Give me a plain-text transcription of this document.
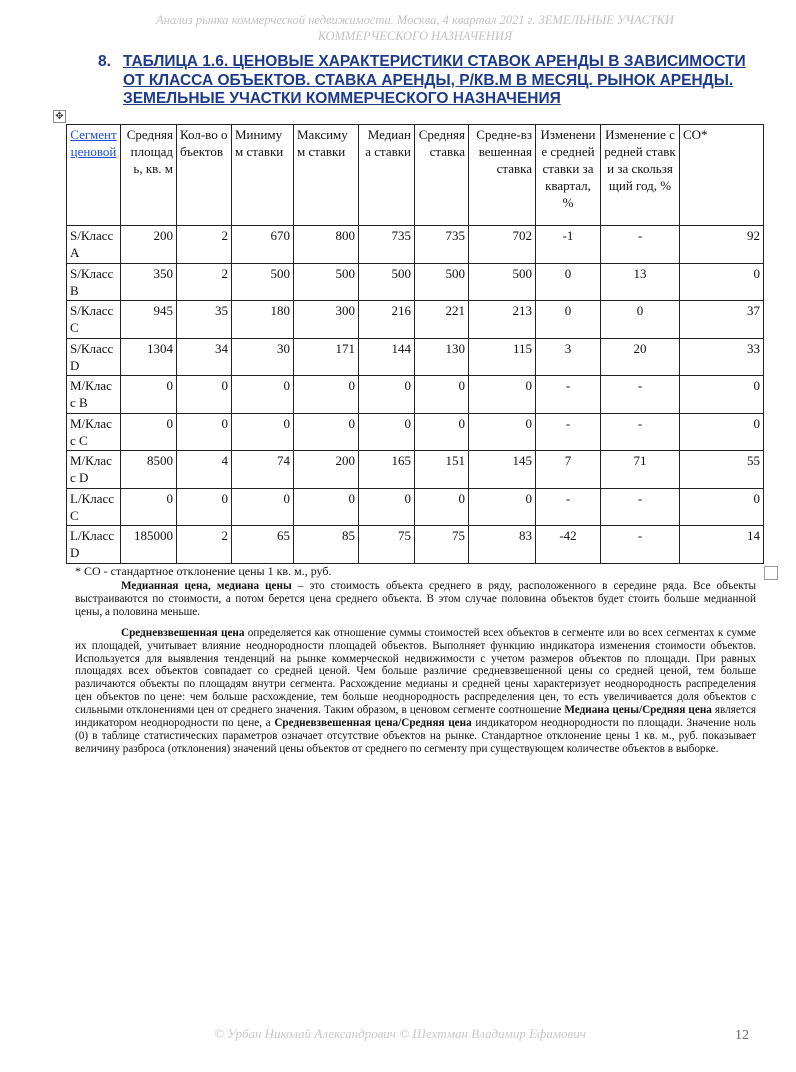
Анализ рынка коммерческой недвижимости. Москва, 4 квартал 2021 г. ЗЕМЕЛЬНЫЕ УЧАСТКИ
КОММЕРЧЕСКОГО НАЗНАЧЕНИЯ
8. ТАБЛИЦА 1.6. ЦЕНОВЫЕ ХАРАКТЕРИСТИКИ СТАВОК АРЕНДЫ В ЗАВИСИМОСТИ ОТ КЛАССА ОБЪЕКТОВ. СТАВКА АРЕНДЫ, Р/КВ.М В МЕСЯЦ. РЫНОК АРЕНДЫ. ЗЕМЕЛЬНЫЕ УЧАСТКИ КОММЕРЧЕСКОГО НАЗНАЧЕНИЯ
✥
Сегмент ценовой	Средняя площадь, кв. м	Кол-во объектов	Минимум ставки	Максимум ставки	Медиана ставки	Средняя ставка	Средне-взвешенная ставка	Изменение средней ставки за квартал, %	Изменение средней ставки за скользящий год, %	СО*
S/Класс A	200	2	670	800	735	735	702	-1	-	92
S/Класс B	350	2	500	500	500	500	500	0	13	0
S/Класс C	945	35	180	300	216	221	213	0	0	37
S/Класс D	1304	34	30	171	144	130	115	3	20	33
M/Класс B	0	0	0	0	0	0	0	-	-	0
M/Класс C	0	0	0	0	0	0	0	-	-	0
M/Класс D	8500	4	74	200	165	151	145	7	71	55
L/Класс C	0	0	0	0	0	0	0	-	-	0
L/Класс D	185000	2	65	85	75	75	83	-42	-	14
* СО - стандартное отклонение цены 1 кв. м., руб.

Медианная цена, медиана цены – это стоимость объекта среднего в ряду, расположенного в середине ряда. Все объекты выстраиваются по стоимости, а потом берется цена среднего объекта. В этом случае половина объектов будет стоить больше медианной цены, а половина меньше.

Средневзвешенная цена определяется как отношение суммы стоимостей всех объектов в сегменте или во всех сегментах к сумме их площадей, учитывает влияние неоднородности площадей объектов. Выполняет функцию индикатора изменения стоимости объектов. Используется для выявления тенденций на рынке коммерческой недвижимости с учетом размеров объектов по площади. При равных площадях всех объектов совпадает со средней ценой. Чем больше различие средневзвешенной цены со средней ценой, тем больше различаются объекты по площадям внутри сегмента. Расхождение медианы и средней цены характеризует неоднородность распределения цен объектов по цене: чем больше расхождение, тем больше неоднородность распределения цен, то есть увеличивается доля объектов с сильными отклонениями цен от среднего значения. Таким образом, в ценовом сегменте соотношение Медиана цены/Средняя цена является индикатором неоднородности по цене, а Средневзвешенная цена/Средняя цена индикатором неоднородности по площади. Значение ноль (0) в таблице статистических параметров означает отсутствие объектов на рынке. Стандартное отклонение цены 1 кв. м., руб. показывает величину разброса (отклонения) значений цены объектов от среднего по сегменту при существующем количестве объектов в выборке.

© Урбан Николай Александрович © Шехтман Владимир Ефимович	12
